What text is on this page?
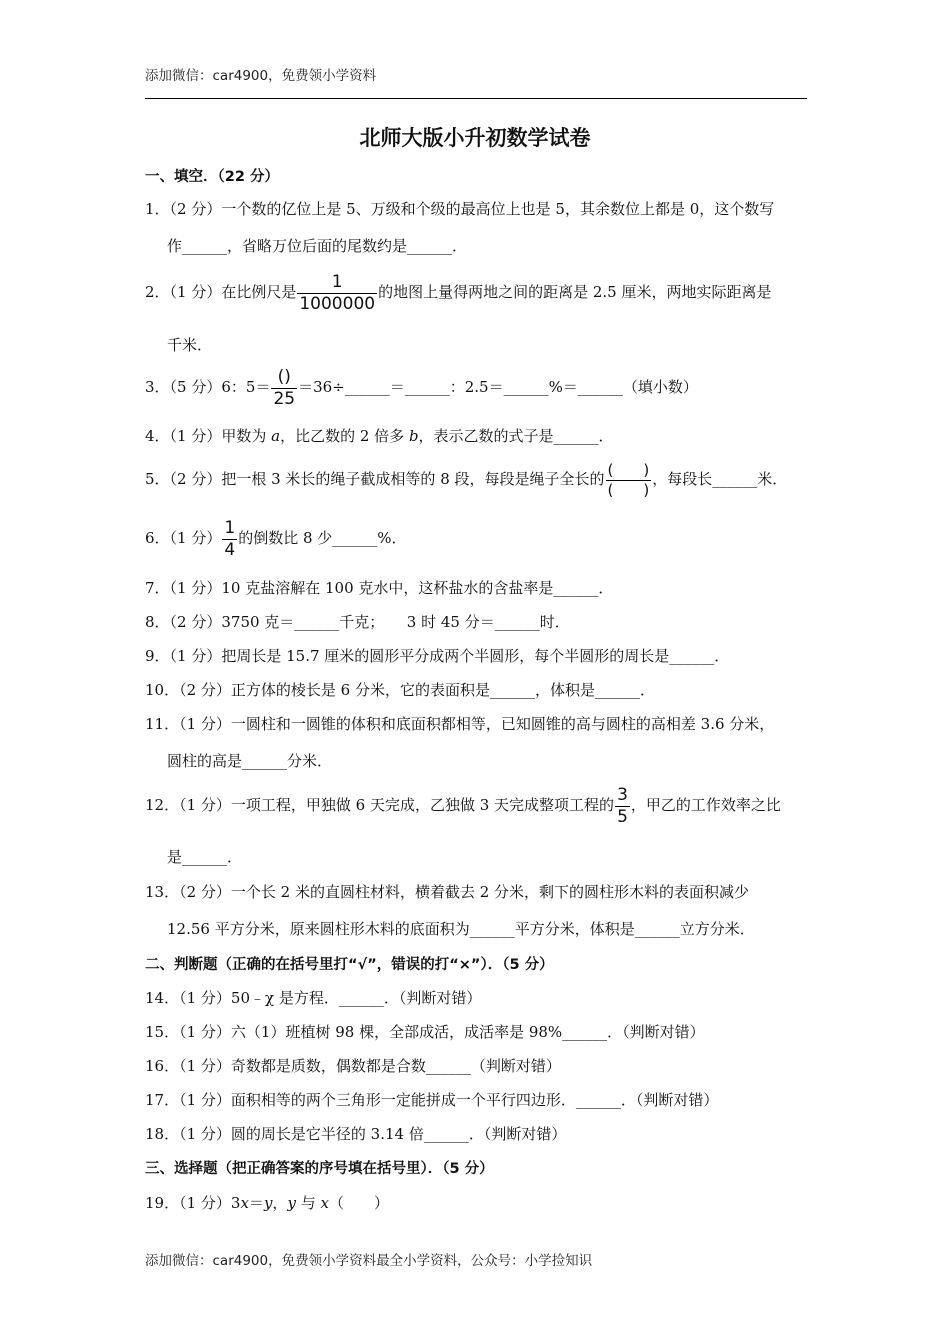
添加微信：car4900，免费领小学资料
北师大版小升初数学试卷
一、填空．（22 分）
1．（2 分）一个数的亿位上是 5、万级和个级的最高位上也是 5，其余数位上都是 0，这个数写
作______，省略万位后面的尾数约是______．
2．（1 分）在比例尺是 $\frac{1}{1000000}$ 的地图上量得两地之间的距离是 2.5 厘米，两地实际距离是
千米．
3．（5 分）6：$5= \frac{()}{25}$ ＝36÷______＝______：2.5＝______%＝______（填小数）
4．（1 分）甲数为 a，比乙数的 2 倍多 b，表示乙数的式子是______．
5．（2 分）把一根 3 米长的绳子截成相等的 8 段，每段是绳子全长的 $\frac{( )}{( )}$ ，每段长______米．
6．（1 分） $\frac{1}{4}$ 的倒数比 8 少______%．
7．（1 分）10 克盐溶解在 100 克水中，这杯盐水的含盐率是______．
8．（2 分）3750 克＝______千克；　　3 时 45 分＝______时．
9．（1 分）把周长是 15.7 厘米的圆形平分成两个半圆形，每个半圆形的周长是______．
10．（2 分）正方体的棱长是 6 分米，它的表面积是______，体积是______．
11．（1 分）一圆柱和一圆锥的体积和底面积都相等，已知圆锥的高与圆柱的高相差 3.6 分米，
圆柱的高是______分米．
12．（1 分）一项工程，甲独做 6 天完成，乙独做 3 天完成整项工程的 $\frac{3}{5}$ ，甲乙的工作效率之比
是______．
13．（2 分）一个长 2 米的直圆柱材料，横着截去 2 分米，剩下的圆柱形木料的表面积减少
12.56 平方分米，原来圆柱形木料的底面积为______平方分米，体积是______立方分米．
二、判断题（正确的在括号里打“√”，错误的打“×”）．（5 分）
14．（1 分）50﹣χ 是方程．______．（判断对错）
15．（1 分）六（1）班植树 98 棵，全部成活，成活率是 98%______．（判断对错）
16．（1 分）奇数都是质数，偶数都是合数______（判断对错）
17．（1 分）面积相等的两个三角形一定能拼成一个平行四边形．______．（判断对错）
18．（1 分）圆的周长是它半径的 3.14 倍______．（判断对错）
三、选择题（把正确答案的序号填在括号里）．（5 分）
19．（1 分）3x＝y，y 与 x（　　）
添加微信：car4900，免费领小学资料最全小学资料，公众号：小学捡知识
